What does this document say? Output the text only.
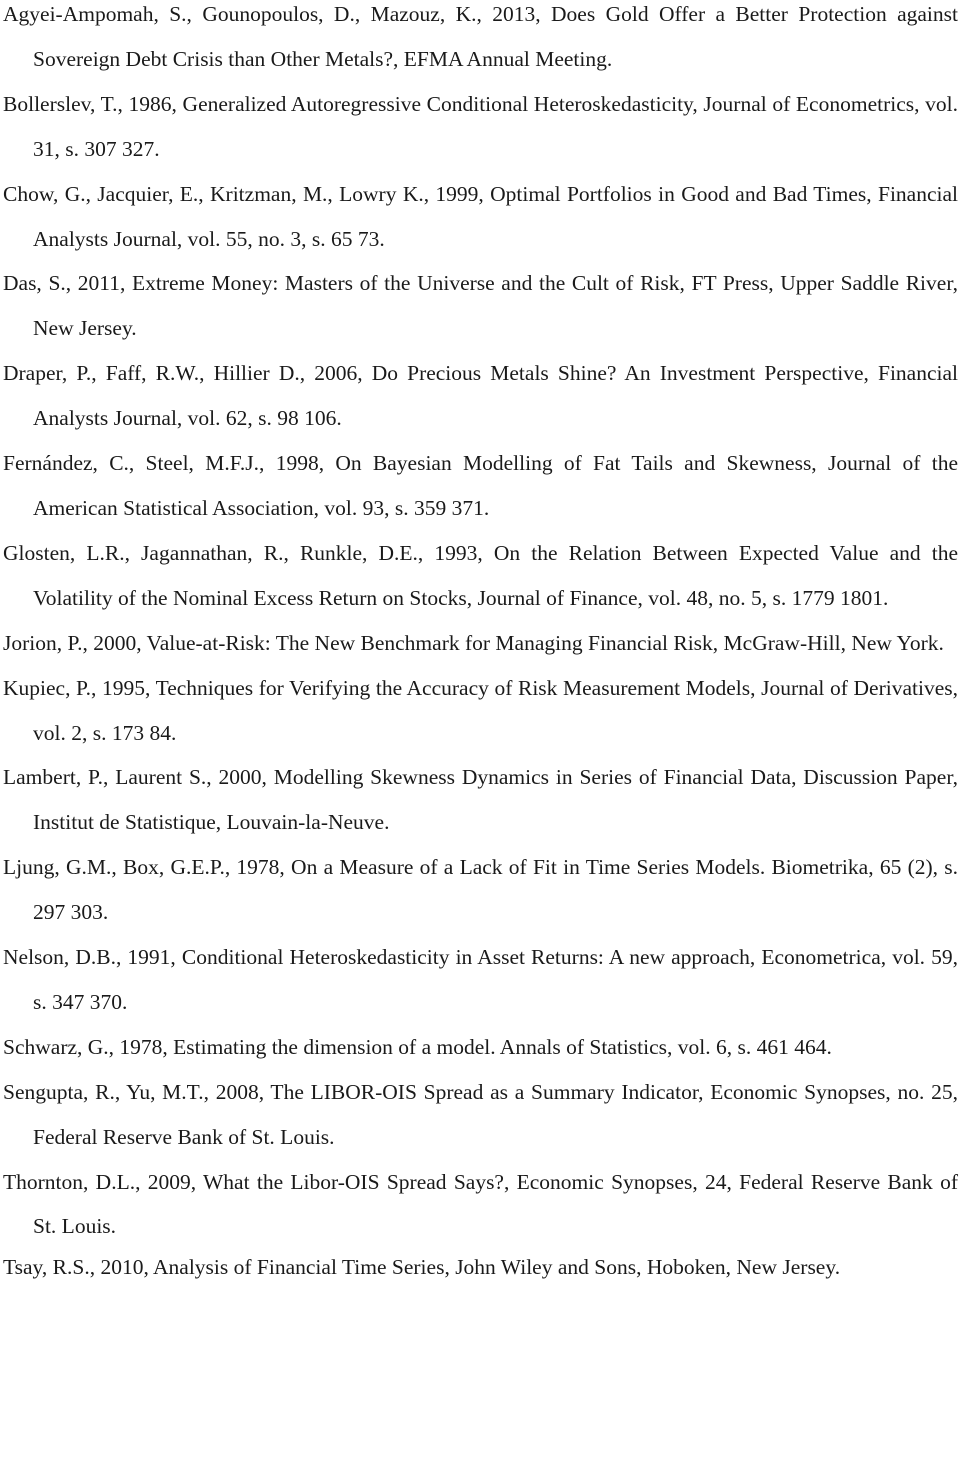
Agyei-Ampomah, S., Gounopoulos, D., Mazouz, K., 2013, Does Gold Offer a Better Protection against Sovereign Debt Crisis than Other Metals?, EFMA Annual Meeting.
Bollerslev, T., 1986, Generalized Autoregressive Conditional Heteroskedasticity, Journal of Econometrics, vol. 31, s. 307 327.
Chow, G., Jacquier, E., Kritzman, M., Lowry K., 1999, Optimal Portfolios in Good and Bad Times, Financial Analysts Journal, vol. 55, no. 3, s. 65 73.
Das, S., 2011, Extreme Money: Masters of the Universe and the Cult of Risk, FT Press, Upper Saddle River, New Jersey.
Draper, P., Faff, R.W., Hillier D., 2006, Do Precious Metals Shine? An Investment Perspective, Financial Analysts Journal, vol. 62, s. 98 106.
Fernández, C., Steel, M.F.J., 1998, On Bayesian Modelling of Fat Tails and Skewness, Journal of the American Statistical Association, vol. 93, s. 359 371.
Glosten, L.R., Jagannathan, R., Runkle, D.E., 1993, On the Relation Between Expected Value and the Volatility of the Nominal Excess Return on Stocks, Journal of Finance, vol. 48, no. 5, s. 1779 1801.
Jorion, P., 2000, Value-at-Risk: The New Benchmark for Managing Financial Risk, McGraw-Hill, New York.
Kupiec, P., 1995, Techniques for Verifying the Accuracy of Risk Measurement Models, Journal of Derivatives, vol. 2, s. 173 84.
Lambert, P., Laurent S., 2000, Modelling Skewness Dynamics in Series of Financial Data, Discussion Paper, Institut de Statistique, Louvain-la-Neuve.
Ljung, G.M., Box, G.E.P., 1978, On a Measure of a Lack of Fit in Time Series Models. Biometrika, 65 (2), s. 297 303.
Nelson, D.B., 1991, Conditional Heteroskedasticity in Asset Returns: A new approach, Econometrica, vol. 59, s. 347 370.
Schwarz, G., 1978, Estimating the dimension of a model. Annals of Statistics, vol. 6, s. 461 464.
Sengupta, R., Yu, M.T., 2008, The LIBOR-OIS Spread as a Summary Indicator, Economic Synopses, no. 25, Federal Reserve Bank of St. Louis.
Thornton, D.L., 2009, What the Libor-OIS Spread Says?, Economic Synopses, 24, Federal Reserve Bank of St. Louis.
Tsay, R.S., 2010, Analysis of Financial Time Series, John Wiley and Sons, Hoboken, New Jersey.
